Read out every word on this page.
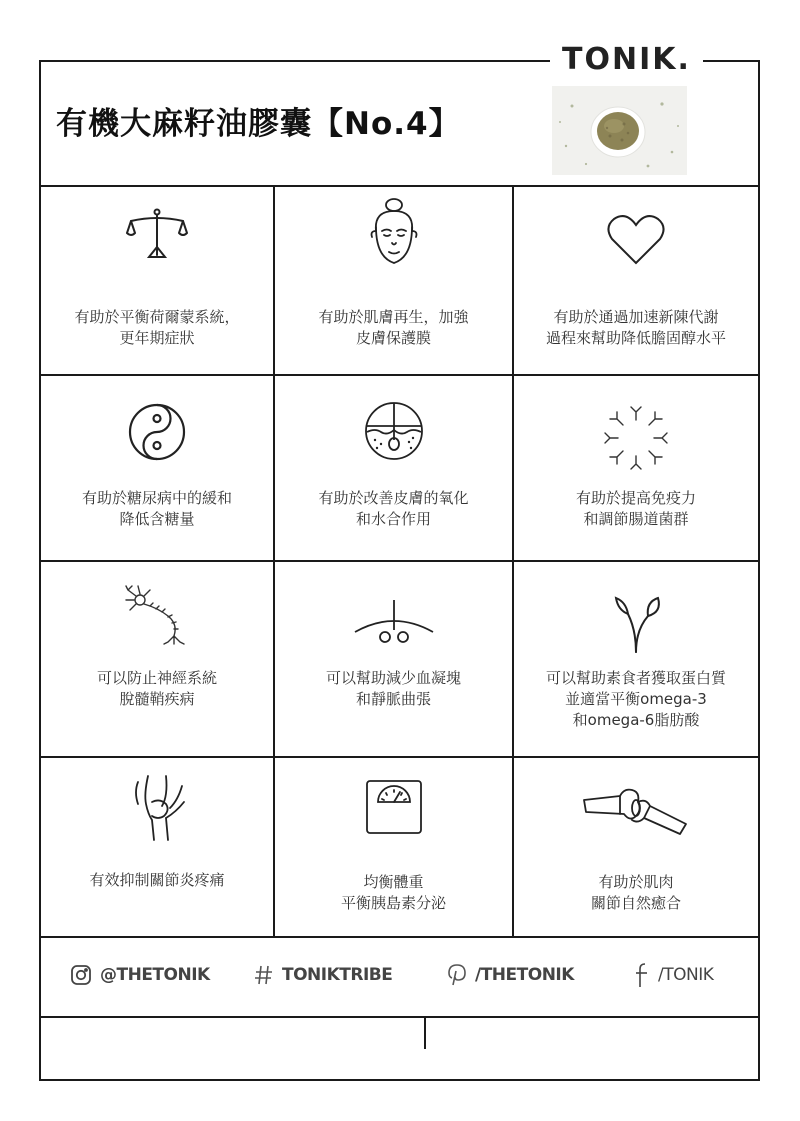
TONIK.
有機大麻籽油膠囊【No.4】
有助於平衡荷爾蒙系統，
更年期症狀
有助於肌膚再生，加強
皮膚保護膜
有助於通過加速新陳代謝
過程來幫助降低膽固醇水平
有助於糖尿病中的緩和
降低含糖量
有助於改善皮膚的氧化
和水合作用
有助於提高免疫力
和調節腸道菌群
可以防止神經系統
脫髓鞘疾病
可以幫助減少血凝塊
和靜脈曲張
可以幫助素食者獲取蛋白質
並適當平衡omega-3
和omega-6脂肪酸
有效抑制關節炎疼痛	均衡體重
平衡胰島素分泌
有助於肌肉
關節自然癒合
@THETONIK	TONIKTRIBE	/THETONIK	/TONIK
